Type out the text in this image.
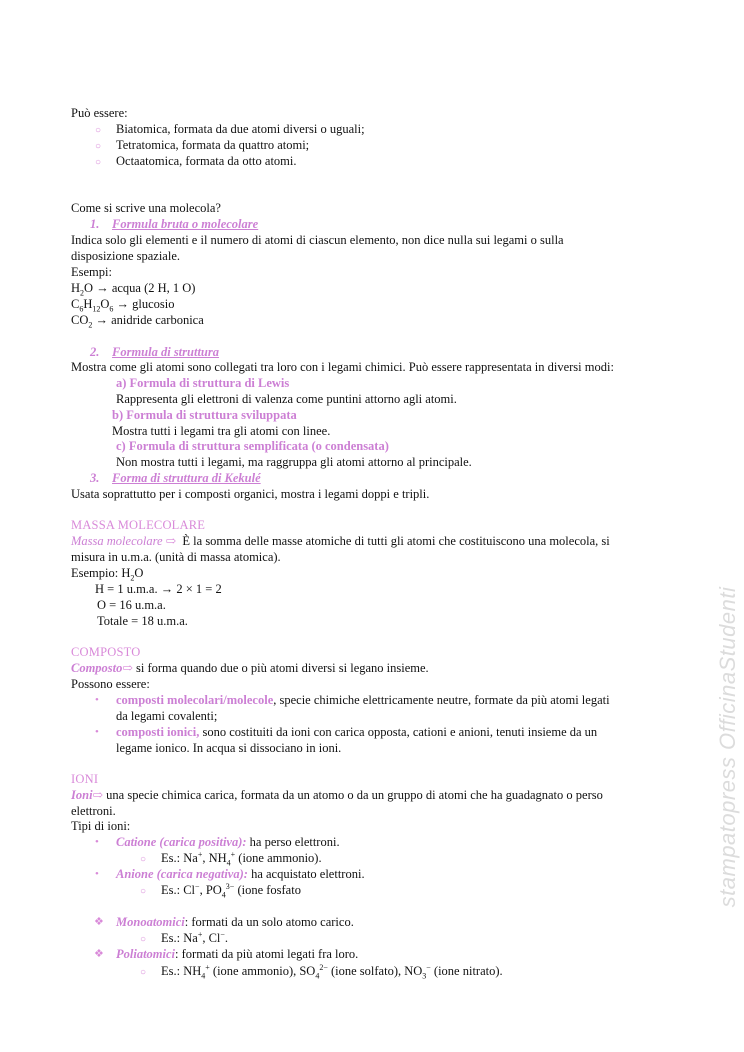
Può essere:
○ Biatomica, formata da due atomi diversi o uguali;
○ Tetratomica, formata da quattro atomi;
○ Octaatomica, formata da otto atomi.
Come si scrive una molecola?
1. Formula bruta o molecolare
Indica solo gli elementi e il numero di atomi di ciascun elemento, non dice nulla sui legami o sulla
disposizione spaziale.
Esempi:
$H_2O$ → acqua (2 H, 1 O)
$C_6H_{12}O_6$ → glucosio
$CO_2$ → anidride carbonica
2. Formula di struttura
Mostra come gli atomi sono collegati tra loro con i legami chimici. Può essere rappresentata in diversi modi:
a) Formula di struttura di Lewis
Rappresenta gli elettroni di valenza come puntini attorno agli atomi.
b) Formula di struttura sviluppata
Mostra tutti i legami tra gli atomi con linee.
c) Formula di struttura semplificata (o condensata)
Non mostra tutti i legami, ma raggruppa gli atomi attorno al principale.
3. Forma di struttura di Kekulé
Usata soprattutto per i composti organici, mostra i legami doppi e tripli.
MASSA MOLECOLARE
Massa molecolare ⇨ È la somma delle masse atomiche di tutti gli atomi che costituiscono una molecola, si
misura in u.m.a. (unità di massa atomica).
Esempio: $H_2O$
H = 1 u.m.a. → 2 × 1 = 2
O = 16 u.m.a.
Totale = 18 u.m.a.
COMPOSTO
Composto⇨ si forma quando due o più atomi diversi si legano insieme.
Possono essere:
• composti molecolari/molecole, specie chimiche elettricamente neutre, formate da più atomi legati
da legami covalenti;
• composti ionici, sono costituiti da ioni con carica opposta, cationi e anioni, tenuti insieme da un
legame ionico. In acqua si dissociano in ioni.
IONI
Ioni⇨ una specie chimica carica, formata da un atomo o da un gruppo di atomi che ha guadagnato o perso
elettroni.
Tipi di ioni:
• Catione (carica positiva): ha perso elettroni.
○ Es.: Na+, $NH_4^+$ (ione ammonio).
• Anione (carica negativa): ha acquistato elettroni.
○ Es.: Cl−, $PO_4^{3-}$ (ione fosfato
❖ Monoatomici: formati da un solo atomo carico.
○ Es.: Na+, Cl−.
❖ Poliatomici: formati da più atomi legati fra loro.
○ Es.: $NH_4^+$ (ione ammonio), $SO_4^{2-}$ (ione solfato), $NO_3^-$ (ione nitrato).
stampatopress OfficinaStudenti
